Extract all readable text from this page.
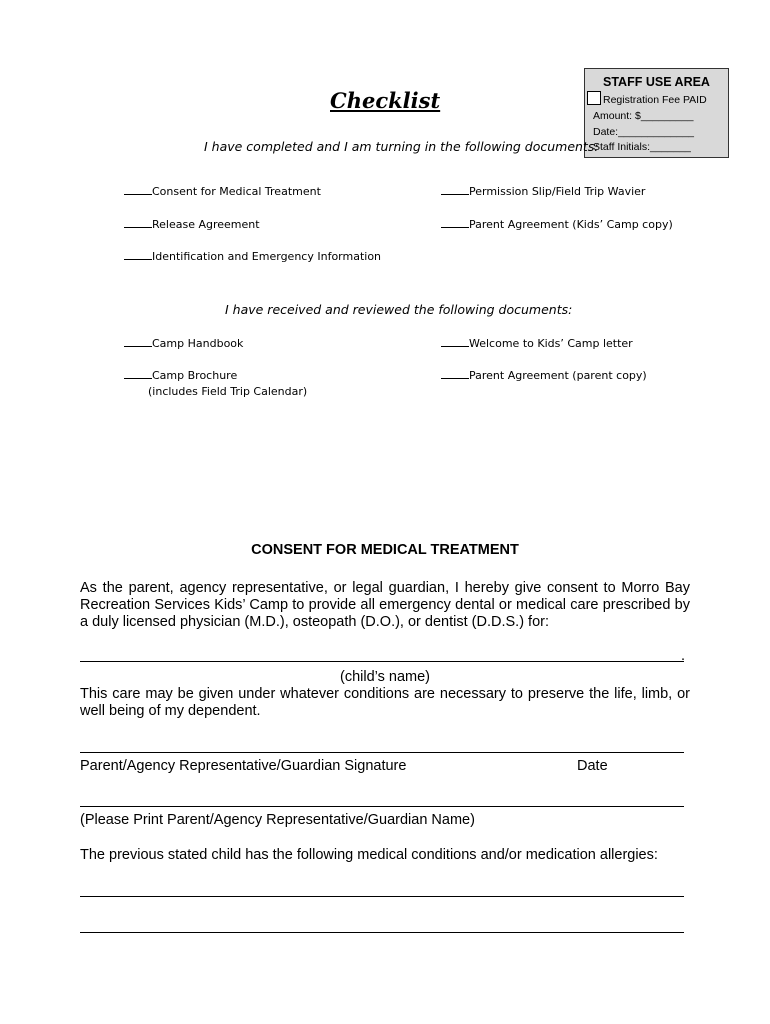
STAFF USE AREA
Registration Fee PAID
Amount: $_________
Date:_____________
Staff Initials:_______
Checklist
I have completed and I am turning in the following documents:
Consent for Medical Treatment
Release Agreement
Identification and Emergency Information
Permission Slip/Field Trip Wavier
Parent Agreement (Kids’ Camp copy)
I have received and reviewed the following documents:
Camp Handbook
Camp Brochure
(includes Field Trip Calendar)
Welcome to Kids’ Camp letter
Parent Agreement (parent copy)
CONSENT FOR MEDICAL TREATMENT
As the parent, agency representative, or legal guardian, I hereby give consent to Morro Bay Recreation Services Kids’ Camp to provide all emergency dental or medical care prescribed by a duly licensed physician (M.D.), osteopath (D.O.), or dentist (D.D.S.) for:
.
(child’s name)
This care may be given under whatever conditions are necessary to preserve the life, limb, or well being of my dependent.
Parent/Agency Representative/Guardian Signature	Date
(Please Print Parent/Agency Representative/Guardian Name)
The previous stated child has the following medical conditions and/or medication allergies:
